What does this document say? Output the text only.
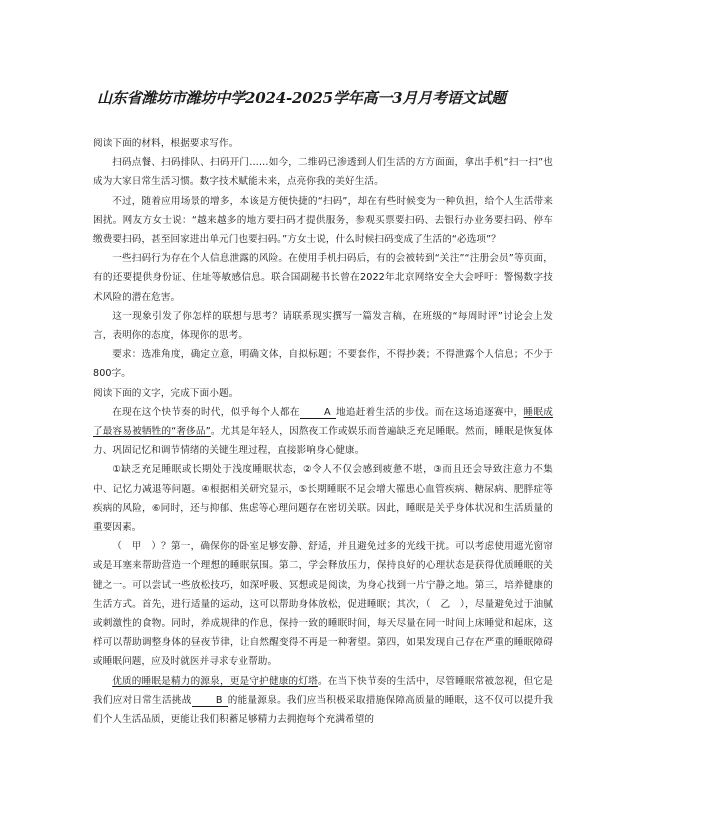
山东省潍坊市潍坊中学2024-2025学年高一3月月考语文试题

阅读下面的材料，根据要求写作。

扫码点餐、扫码排队、扫码开门……如今，二维码已渗透到人们生活的方方面面，拿出手机“扫一扫”也成为大家日常生活习惯。数字技术赋能未来，点亮你我的美好生活。

不过，随着应用场景的增多，本该是方便快捷的“扫码”，却在有些时候变为一种负担，给个人生活带来困扰。网友方女士说：“越来越多的地方要扫码才提供服务，参观买票要扫码、去银行办业务要扫码、停车缴费要扫码，甚至回家进出单元门也要扫码。”方女士说，什么时候扫码变成了生活的“必选项”？

一些扫码行为存在个人信息泄露的风险。在使用手机扫码后，有的会被转到“关注”“注册会员”等页面，有的还要提供身份证、住址等敏感信息。联合国副秘书长曾在2022年北京网络安全大会呼吁：警惕数字技术风险的潜在危害。

这一现象引发了你怎样的联想与思考？请联系现实撰写一篇发言稿，在班级的“每周时评”讨论会上发言，表明你的态度，体现你的思考。

要求：选准角度，确定立意，明确文体，自拟标题；不要套作，不得抄袭；不得泄露个人信息；不少于800字。

阅读下面的文字，完成下面小题。

在现在这个快节奏的时代，似乎每个人都在	A 地追赶着生活的步伐。而在这场追逐赛中，睡眠成了最容易被牺牲的“奢侈品”。尤其是年轻人，因熬夜工作或娱乐而普遍缺乏充足睡眠。然而，睡眠是恢复体力、巩固记忆和调节情绪的关键生理过程，直接影响身心健康。

①缺乏充足睡眠或长期处于浅度睡眠状态，②令人不仅会感到疲惫不堪，③而且还会导致注意力不集中、记忆力减退等问题。④根据相关研究显示，⑤长期睡眠不足会增大罹患心血管疾病、糖尿病、肥胖症等疾病的风险，⑥同时，还与抑郁、焦虑等心理问题存在密切关联。因此，睡眠是关乎身体状况和生活质量的重要因素。

（　甲　）？第一，确保你的卧室足够安静、舒适，并且避免过多的光线干扰。可以考虑使用遮光窗帘或是耳塞来帮助营造一个理想的睡眠氛围。第二，学会释放压力，保持良好的心理状态是获得优质睡眠的关键之一。可以尝试一些放松技巧，如深呼吸、冥想或是阅读，为身心找到一片宁静之地。第三，培养健康的生活方式。首先，进行适量的运动，这可以帮助身体放松，促进睡眠；其次，（　乙　），尽量避免过于油腻或刺激性的食物。同时，养成规律的作息，保持一致的睡眠时间，每天尽量在同一时间上床睡觉和起床，这样可以帮助调整身体的昼夜节律，让自然醒变得不再是一种奢望。第四，如果发现自己存在严重的睡眠障碍或睡眠问题，应及时就医并寻求专业帮助。

优质的睡眠是精力的源泉，更是守护健康的灯塔。在当下快节奏的生活中，尽管睡眠常被忽视，但它是我们应对日常生活挑战	B 的能量源泉。我们应当积极采取措施保障高质量的睡眠，这不仅可以提升我们个人生活品质，更能让我们积蓄足够精力去拥抱每个充满希望的
